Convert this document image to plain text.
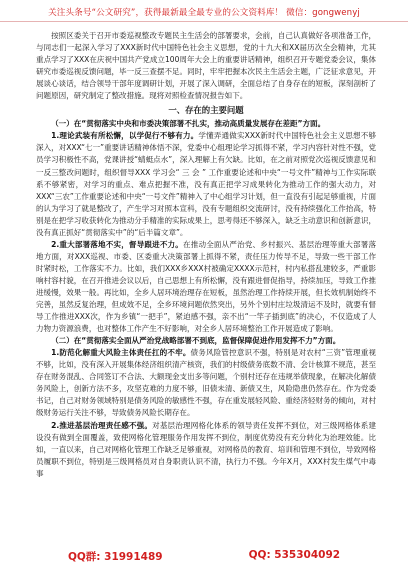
关注头条号“公文研究”，获得最新最全最专业的公文资料库！ 微信：gongwenyj

按照区委关于召开市委巡视整改专题民主生活会的部署要求，会前，自己认真做好各项准备工作，与同志们一起深入学习了XXX新时代中国特色社会主义思想，党的十九大和XX届历次全会精神，尤其重点学习了XXX在庆祝中国共产党成立100周年大会上的重要讲话精神，组织召开专题党委会议，集体研究市委巡视反馈问题，毕一反三查摆不足。同时，牢牢把握本次民主生活会主题，广泛征求意见，开展谈心谈话，结合领导干部年度调研计划，开展了深入调研，全面总结了自身存在的短板，深刻剖析了问题原因，研究制定了整改措施。现将对照检查情况报告如下。

一、存在的主要问题

（一）在“贯彻落实中央和市委决策部署不扎实，推动高质量发展存在差距”方面。

1.理论武装有所松懈，以学促行不够有力。学懂弄通做实XXX新时代中国特色社会主义思想不够深入，对XXX“七一”重要讲话精神体悟不深，党委中心组理论学习抓得不紧，学习内容针对性不强，党员学习积极性不高，党课讲授“蜻蜓点水”，深入理解上有欠缺。比如，在之前对照党次巡视反馈意见和一反三整改问题时，组织督导XXX 学习会“ 三 会 ” 工作重要论述和中央“一号文件”精神与工作实际联系不够紧密，对学习的重点、难点把握不准，没有真正把学习成果转化为推动工作的强大动力，对XXX“三农”工作重要论述和中央“一号文件”精神入了中心组学习计划，但一直没有引起足够重视，片面的认为学习了就是整改了，产生学习对照本宣科，没有专题组织交流研讨，没有持续强化工作抬高，特别是在把学习收获转化为推动分手精准的实际成果上，思考得还不够深入，缺乏主动意识和创新意识，没有真正抓好“贯彻落实中”的“后半篇文章”。

2.重大部署落地不实，督导跟进不力。在推动全面从严治党、乡村振兴、基层治理等重大部署落地方面，对XXX巡视、市委、区委重大决策部署上抓得不紧，责任压力传导不足，导致一些干部工作时紧时松，工作落实不力。比如，我们XXX乡XXX村被确定XXXX示范村，村内私搭乱建较多，严重影响村容村貌，在召开推进会议以后，自己思想上有所松懈，没有跟进督促指导，持续加压，导致工作推进缓慢，效果一般。再比如，全乡人居环境治理存在短板，虽然治理工作持续开展，但长效机制始终不完善，虽然反复治理，但成效不足，全乡环境问题依然突出，另外个别村庄垃圾清运不及时，就要有督导工作推进XXX次，作为乡镇“一把手”，紧迫感不强，亲不出“一竿子插到底”的决心，不仅造成了人力物力资源浪费，也对整体工作产生不好影响，对全乡人居环境整治工作开展造成了影响。

（二）在“贯彻落实全面从严治党战略部署不到底，监督保障促进作用发挥不力”方面。

1.防范化解重大风险主体责任扛的不牢。债务风险管控意识不强，特别是对农村“三资”管理重视不够，比如，没有深入开展集体经济组织清产核资，我们的村级债务底数不清、会计核算不规范，甚至存在财务混乱、合同签订不合法、大额现金支出多等问题，个别村还存在违规举债现象，在解决化解债务风险上，创新方法不多，攻坚克难的力度不够，旧债未清、新债又生，风险隐患仍然存在。作为党委书记，自己对财务领域特别是债务风险的敏感性不强，存在重发展轻风险、重经济轻财务的倾向，对村级财务运行关注不够，导致债务风险长期存在。

2.推进基层治理责任感不强。对基层治理网格化体系的领导责任发挥不到位，对三级网格体系建设没有做到全面覆盖，致使网格化管理服务作用发挥不到位，制度优势没有充分转化为治理效能。比如，一直以来，自己对网格化管理工作缺乏足够重视，对网格员的教育、培训和管理不到位，导致网格员履职不到位，特别是三级网格员对自身职责认识不清，执行力不强。今年X月，XXX村发生煤气中毒事

QQ群: 31991489	QQ: 535304092
